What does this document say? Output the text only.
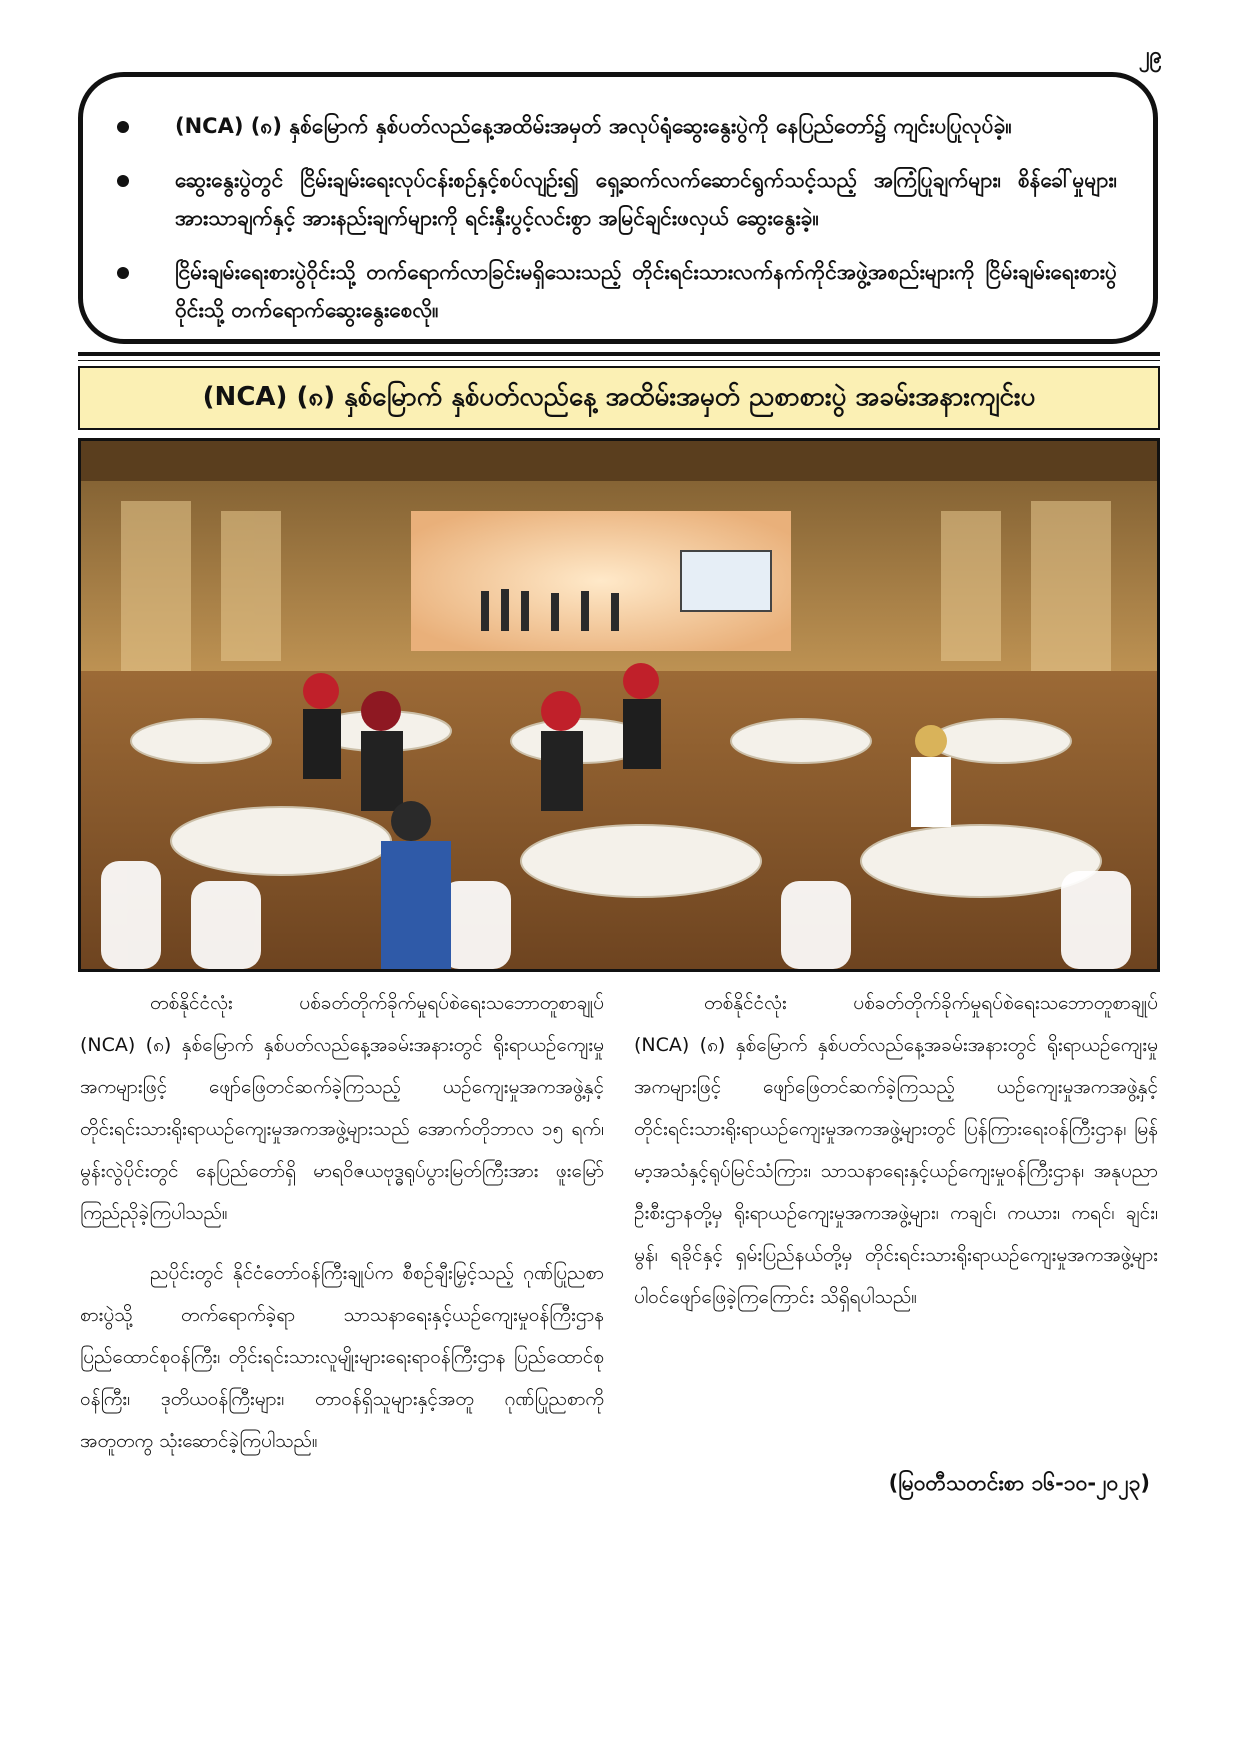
၂၉
(NCA) (၈) နှစ်မြောက် နှစ်ပတ်လည်နေ့အထိမ်းအမှတ် အလုပ်ရုံဆွေးနွေးပွဲကို နေပြည်တော်၌ ကျင်းပပြုလုပ်ခဲ့။
ဆွေးနွေးပွဲတွင် ငြိမ်းချမ်းရေးလုပ်ငန်းစဉ်နှင့်စပ်လျဉ်း၍ ရှေ့ဆက်လက်ဆောင်ရွက်သင့်သည့် အကြံပြုချက်များ၊ စိန်ခေါ်မှုများ၊ အားသာချက်နှင့် အားနည်းချက်များကို ရင်းနှီးပွင့်လင်းစွာ အမြင်ချင်းဖလှယ် ဆွေးနွေးခဲ့။
ငြိမ်းချမ်းရေးစားပွဲဝိုင်းသို့ တက်ရောက်လာခြင်းမရှိသေးသည့် တိုင်းရင်းသားလက်နက်ကိုင်အဖွဲ့အစည်းများကို ငြိမ်းချမ်းရေးစားပွဲဝိုင်းသို့ တက်ရောက်ဆွေးနွေးစေလို။
(NCA) (၈) နှစ်မြောက် နှစ်ပတ်လည်နေ့ အထိမ်းအမှတ် ညစာစားပွဲ အခမ်းအနားကျင်းပ

တစ်နိုင်ငံလုံး ပစ်ခတ်တိုက်ခိုက်မှုရပ်စဲရေးသဘောတူစာချုပ် (NCA) (၈) နှစ်မြောက် နှစ်ပတ်လည်နေ့အခမ်းအနားတွင် ရိုးရာယဉ်ကျေးမှုအကများဖြင့် ဖျော်ဖြေတင်ဆက်ခဲ့ကြသည့် ယဉ်ကျေးမှုအကအဖွဲ့နှင့် တိုင်းရင်းသားရိုးရာယဉ်ကျေးမှုအကအဖွဲ့များသည် အောက်တိုဘာလ ၁၅ ရက်၊ မွန်းလွဲပိုင်းတွင် နေပြည်တော်ရှိ မာရဝိဇယဗုဒ္ဓရုပ်ပွားမြတ်ကြီးအား ဖူးမြော်ကြည်ညိုခဲ့ကြပါသည်။

ညပိုင်းတွင် နိုင်ငံတော်ဝန်ကြီးချုပ်က စီစဉ်ချီးမြှင့်သည့် ဂုဏ်ပြုညစာစားပွဲသို့ တက်ရောက်ခဲ့ရာ သာသနာရေးနှင့်ယဉ်ကျေးမှုဝန်ကြီးဌာန ပြည်ထောင်စုဝန်ကြီး၊ တိုင်းရင်းသားလူမျိုးများရေးရာဝန်ကြီးဌာန ပြည်ထောင်စုဝန်ကြီး၊ ဒုတိယဝန်ကြီးများ၊ တာဝန်ရှိသူများနှင့်အတူ ဂုဏ်ပြုညစာကို အတူတကွ သုံးဆောင်ခဲ့ကြပါသည်။

တစ်နိုင်ငံလုံး ပစ်ခတ်တိုက်ခိုက်မှုရပ်စဲရေးသဘောတူစာချုပ် (NCA) (၈) နှစ်မြောက် နှစ်ပတ်လည်နေ့အခမ်းအနားတွင် ရိုးရာယဉ်ကျေးမှုအကများဖြင့် ဖျော်ဖြေတင်ဆက်ခဲ့ကြသည့် ယဉ်ကျေးမှုအကအဖွဲ့နှင့် တိုင်းရင်းသားရိုးရာယဉ်ကျေးမှုအကအဖွဲ့များတွင် ပြန်ကြားရေးဝန်ကြီးဌာန၊ မြန်မာ့အသံနှင့်ရုပ်မြင်သံကြား၊ သာသနာရေးနှင့်ယဉ်ကျေးမှုဝန်ကြီးဌာန၊ အနုပညာဦးစီးဌာနတို့မှ ရိုးရာယဉ်ကျေးမှုအကအဖွဲ့များ၊ ကချင်၊ ကယား၊ ကရင်၊ ချင်း၊ မွန်၊ ရခိုင်နှင့် ရှမ်းပြည်နယ်တို့မှ တိုင်းရင်းသားရိုးရာယဉ်ကျေးမှုအကအဖွဲ့များ ပါဝင်ဖျော်ဖြေခဲ့ကြကြောင်း သိရှိရပါသည်။

(မြဝတီသတင်းစာ ၁၆-၁၀-၂၀၂၃)
